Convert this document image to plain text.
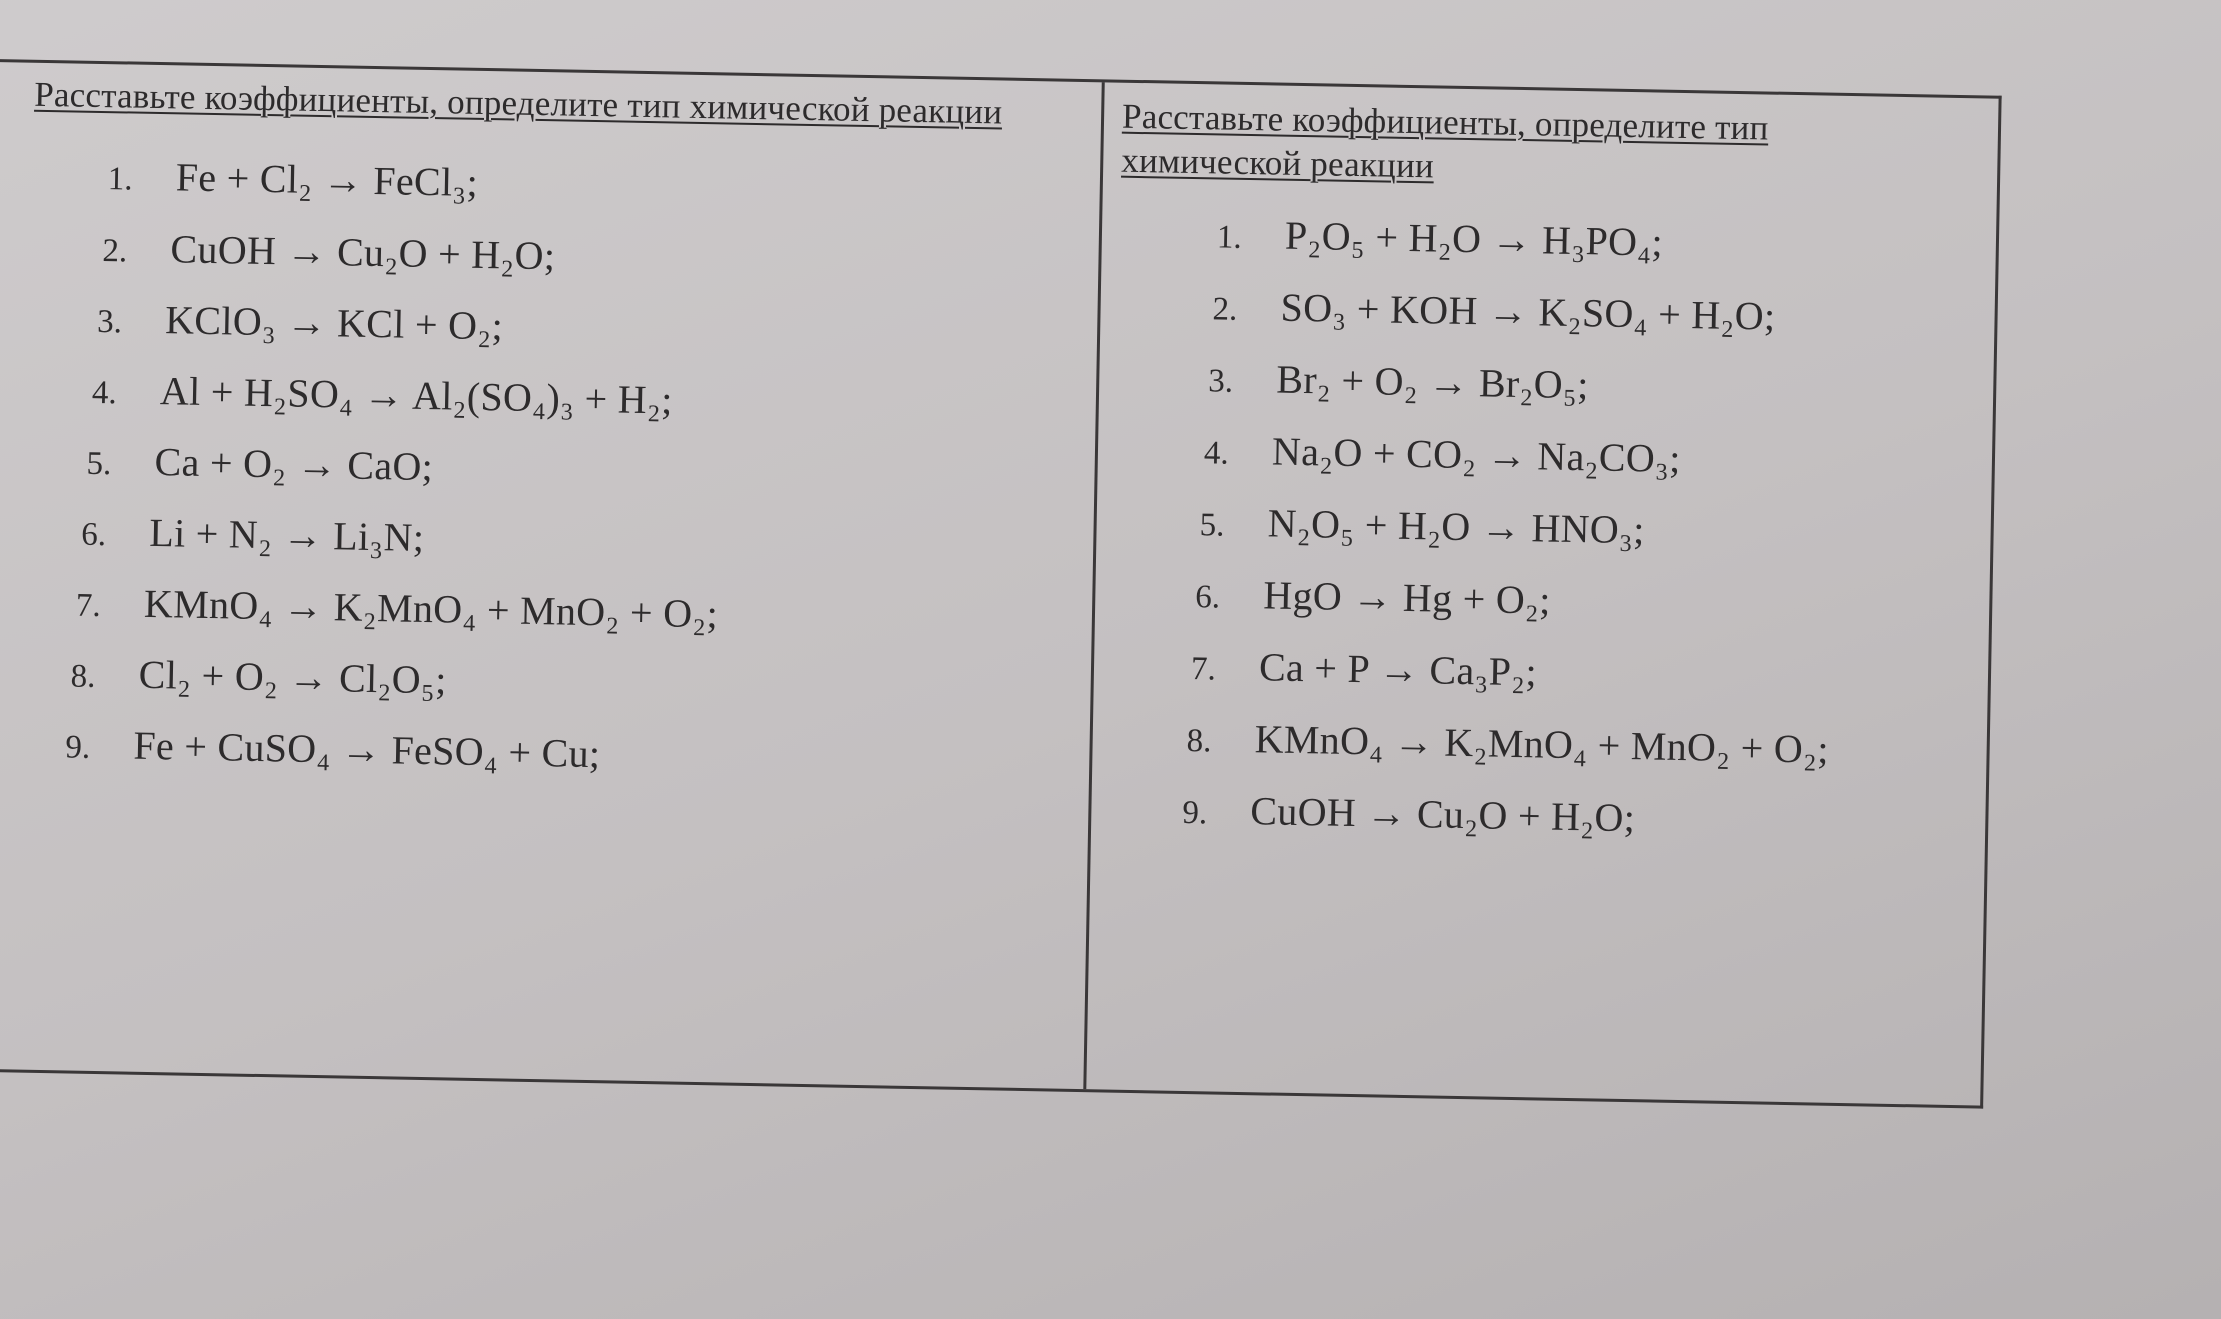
Расставьте коэффициенты, определите тип химической реакции
1.	Fe + Cl₂ → FeCl₃;
2.	CuOH → Cu₂O + H₂O;
3.	KClO₃ → KCl + O₂;
4.	Al + H₂SO₄ → Al₂(SO₄)₃ + H₂;
5.	Ca + O₂ → CaO;
6.	Li + N₂ → Li₃N;
7.	KMnO₄ → K₂MnO₄ + MnO₂ + O₂;
8.	Cl₂ + O₂ → Cl₂O₅;
9.	Fe + CuSO₄ → FeSO₄ + Cu;
Расставьте коэффициенты, определите тип химической реакции
1.	P₂O₅ + H₂O → H₃PO₄;
2.	SO₃ + KOH → K₂SO₄ + H₂O;
3.	Br₂ + O₂ → Br₂O₅;
4.	Na₂O + CO₂ → Na₂CO₃;
5.	N₂O₅ + H₂O → HNO₃;
6.	HgO → Hg + O₂;
7.	Ca + P → Ca₃P₂;
8.	KMnO₄ → K₂MnO₄ + MnO₂ + O₂;
9.	CuOH → Cu₂O + H₂O;
